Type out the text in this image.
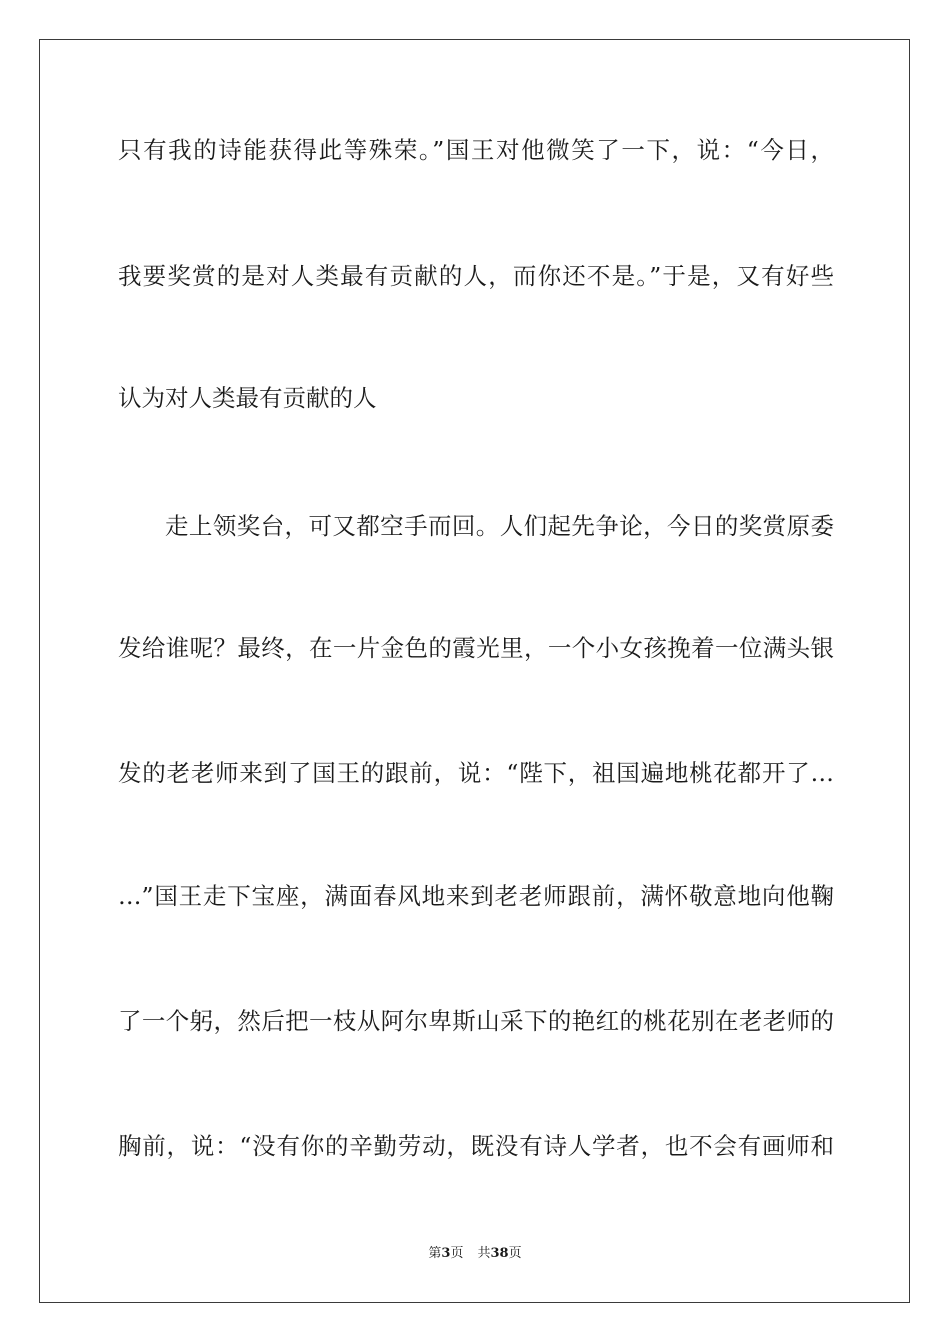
只有我的诗能获得此等殊荣。”国王对他微笑了一下，说：“今日，
我要奖赏的是对人类最有贡献的人，而你还不是。”于是，又有好些
认为对人类最有贡献的人
走上领奖台，可又都空手而回。人们起先争论，今日的奖赏原委
发给谁呢？最终，在一片金色的霞光里，一个小女孩挽着一位满头银
发的老老师来到了国王的跟前，说：“陛下，祖国遍地桃花都开了…
…”国王走下宝座，满面春风地来到老老师跟前，满怀敬意地向他鞠
了一个躬，然后把一枝从阿尔卑斯山采下的艳红的桃花别在老老师的
胸前，说：“没有你的辛勤劳动，既没有诗人学者，也不会有画师和
第3页 共38页
